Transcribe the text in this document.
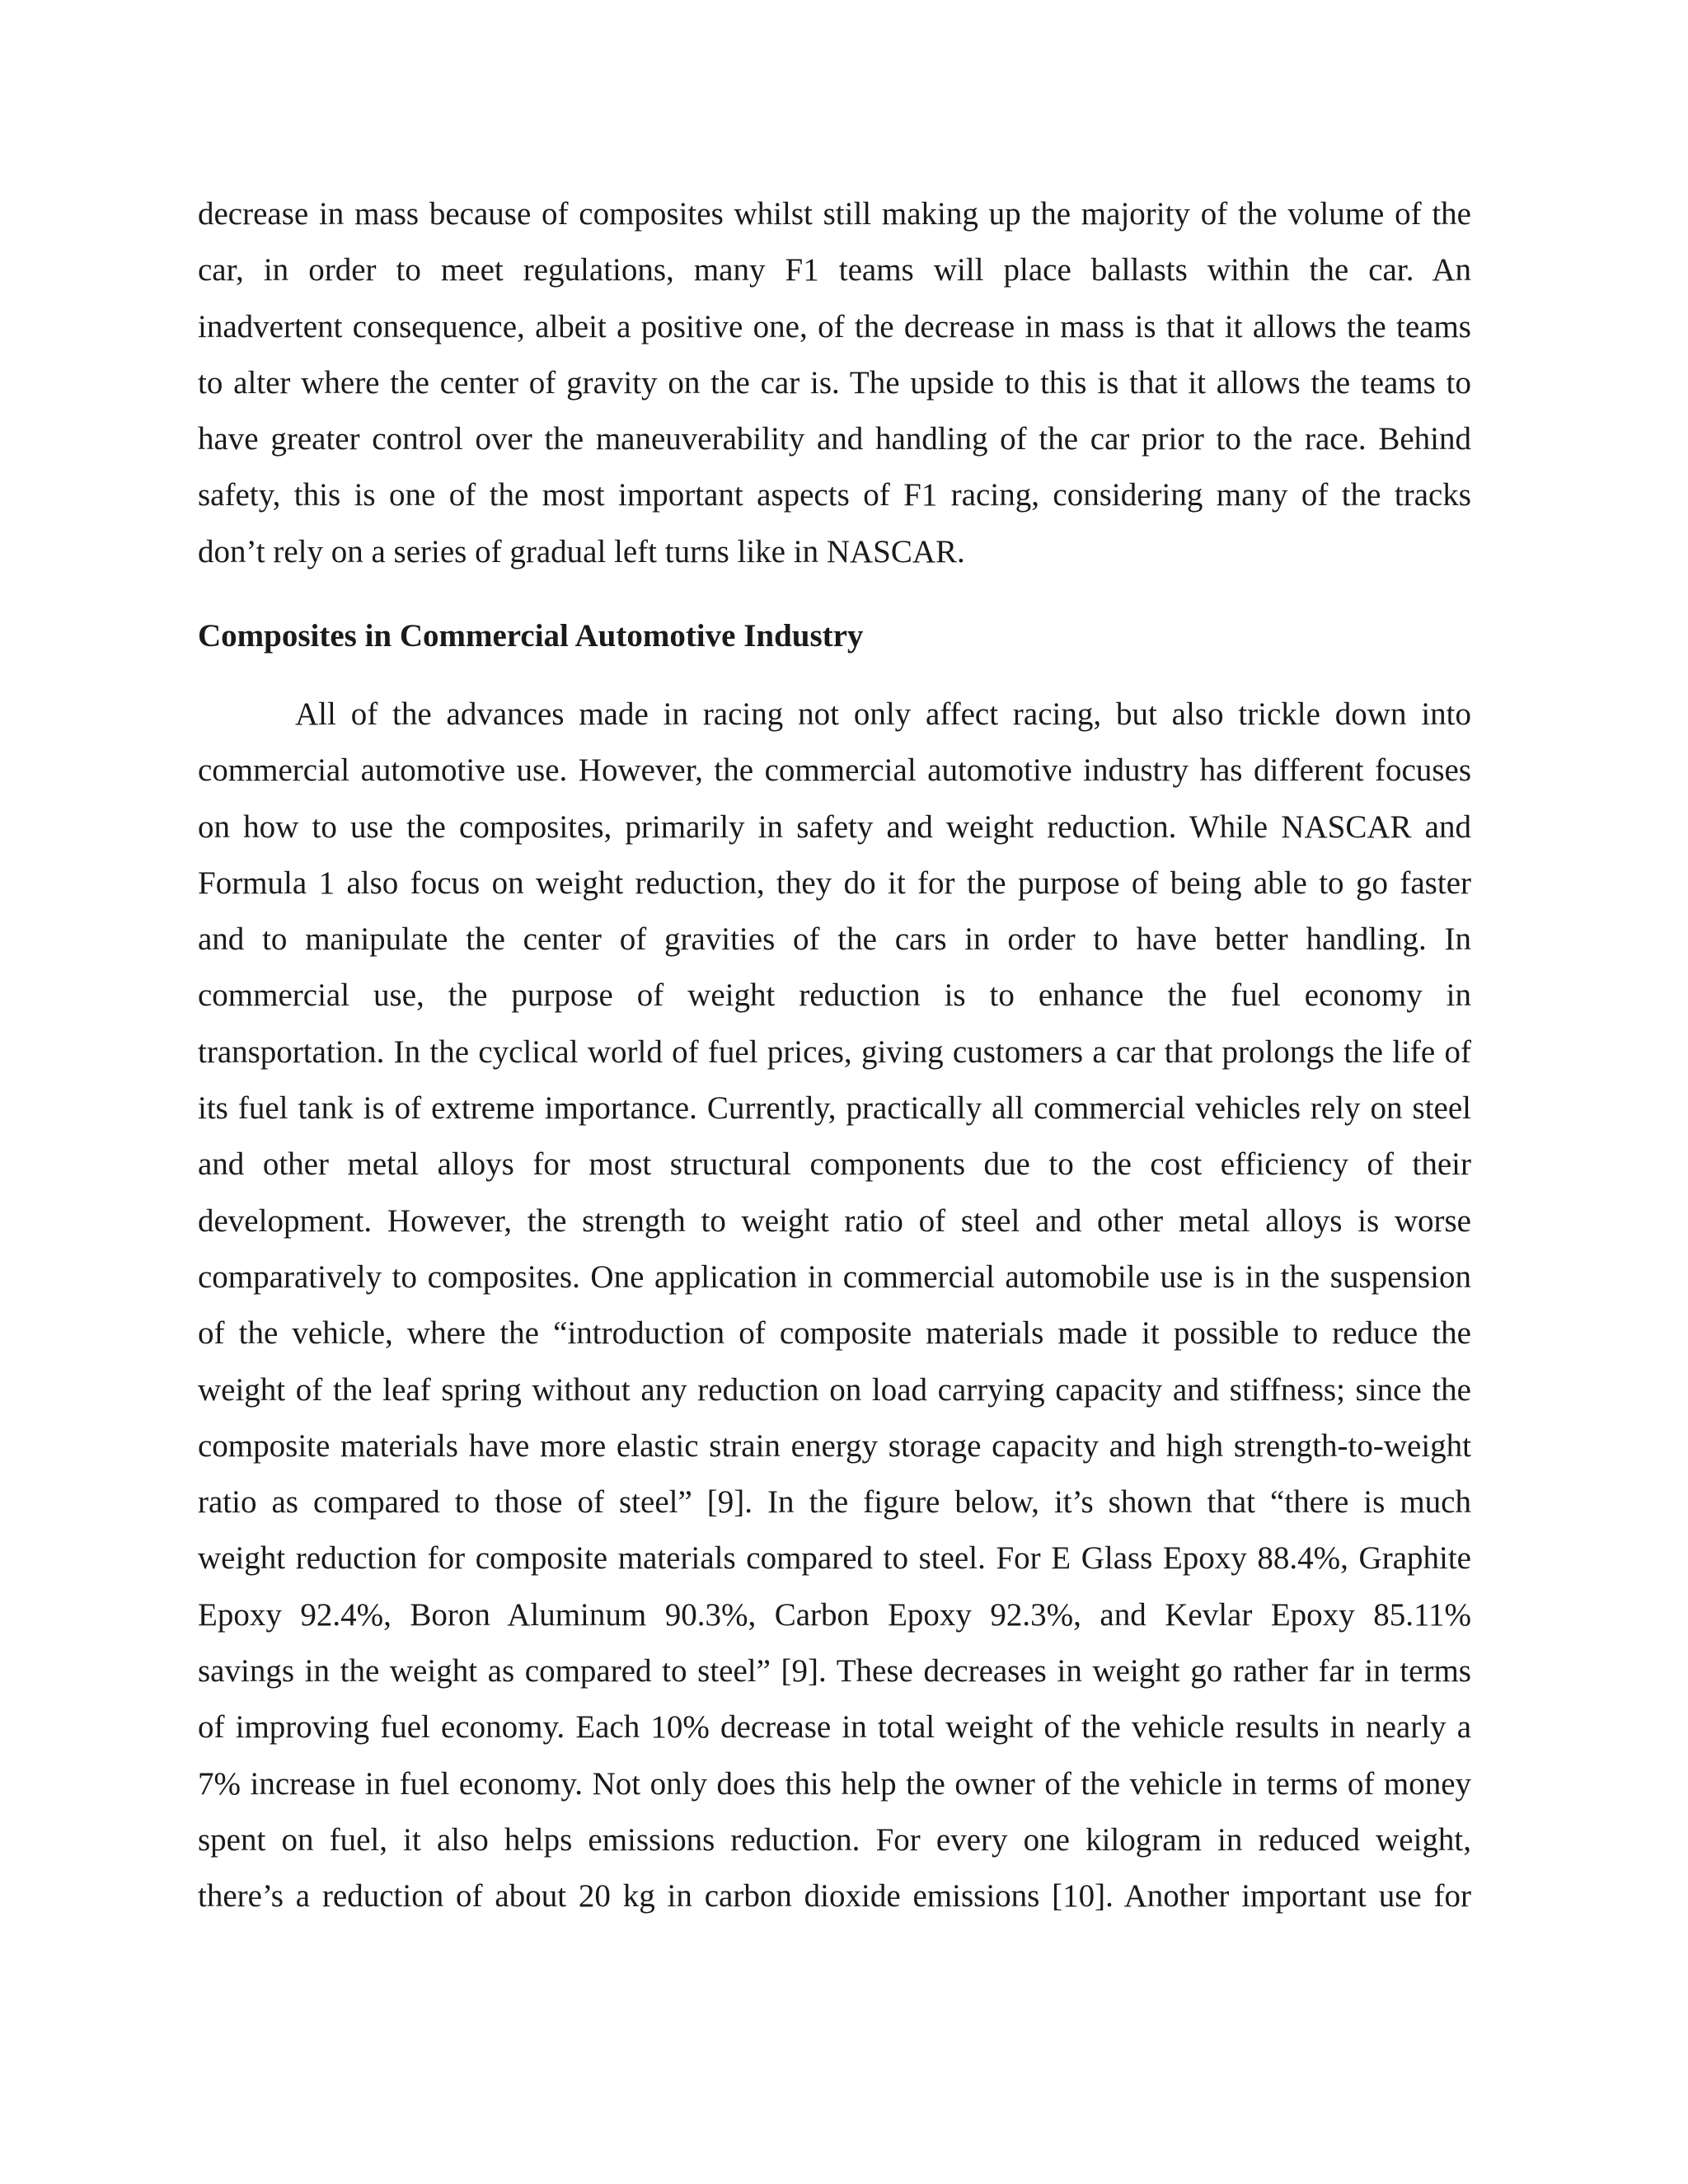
decrease in mass because of composites whilst still making up the majority of the volume of the
car, in order to meet regulations, many F1 teams will place ballasts within the car. An
inadvertent consequence, albeit a positive one, of the decrease in mass is that it allows the teams
to alter where the center of gravity on the car is. The upside to this is that it allows the teams to
have greater control over the maneuverability and handling of the car prior to the race. Behind
safety, this is one of the most important aspects of F1 racing, considering many of the tracks
don’t rely on a series of gradual left turns like in NASCAR.
Composites in Commercial Automotive Industry
All of the advances made in racing not only affect racing, but also trickle down into
commercial automotive use. However, the commercial automotive industry has different focuses
on how to use the composites, primarily in safety and weight reduction. While NASCAR and
Formula 1 also focus on weight reduction, they do it for the purpose of being able to go faster
and to manipulate the center of gravities of the cars in order to have better handling. In
commercial use, the purpose of weight reduction is to enhance the fuel economy in
transportation. In the cyclical world of fuel prices, giving customers a car that prolongs the life of
its fuel tank is of extreme importance. Currently, practically all commercial vehicles rely on steel
and other metal alloys for most structural components due to the cost efficiency of their
development. However, the strength to weight ratio of steel and other metal alloys is worse
comparatively to composites. One application in commercial automobile use is in the suspension
of the vehicle, where the “introduction of composite materials made it possible to reduce the
weight of the leaf spring without any reduction on load carrying capacity and stiffness; since the
composite materials have more elastic strain energy storage capacity and high strength-to-weight
ratio as compared to those of steel” [9]. In the figure below, it’s shown that “there is much
weight reduction for composite materials compared to steel. For E Glass Epoxy 88.4%, Graphite
Epoxy 92.4%, Boron Aluminum 90.3%, Carbon Epoxy 92.3%, and Kevlar Epoxy 85.11%
savings in the weight as compared to steel” [9]. These decreases in weight go rather far in terms
of improving fuel economy. Each 10% decrease in total weight of the vehicle results in nearly a
7% increase in fuel economy. Not only does this help the owner of the vehicle in terms of money
spent on fuel, it also helps emissions reduction. For every one kilogram in reduced weight,
there’s a reduction of about 20 kg in carbon dioxide emissions [10]. Another important use for
